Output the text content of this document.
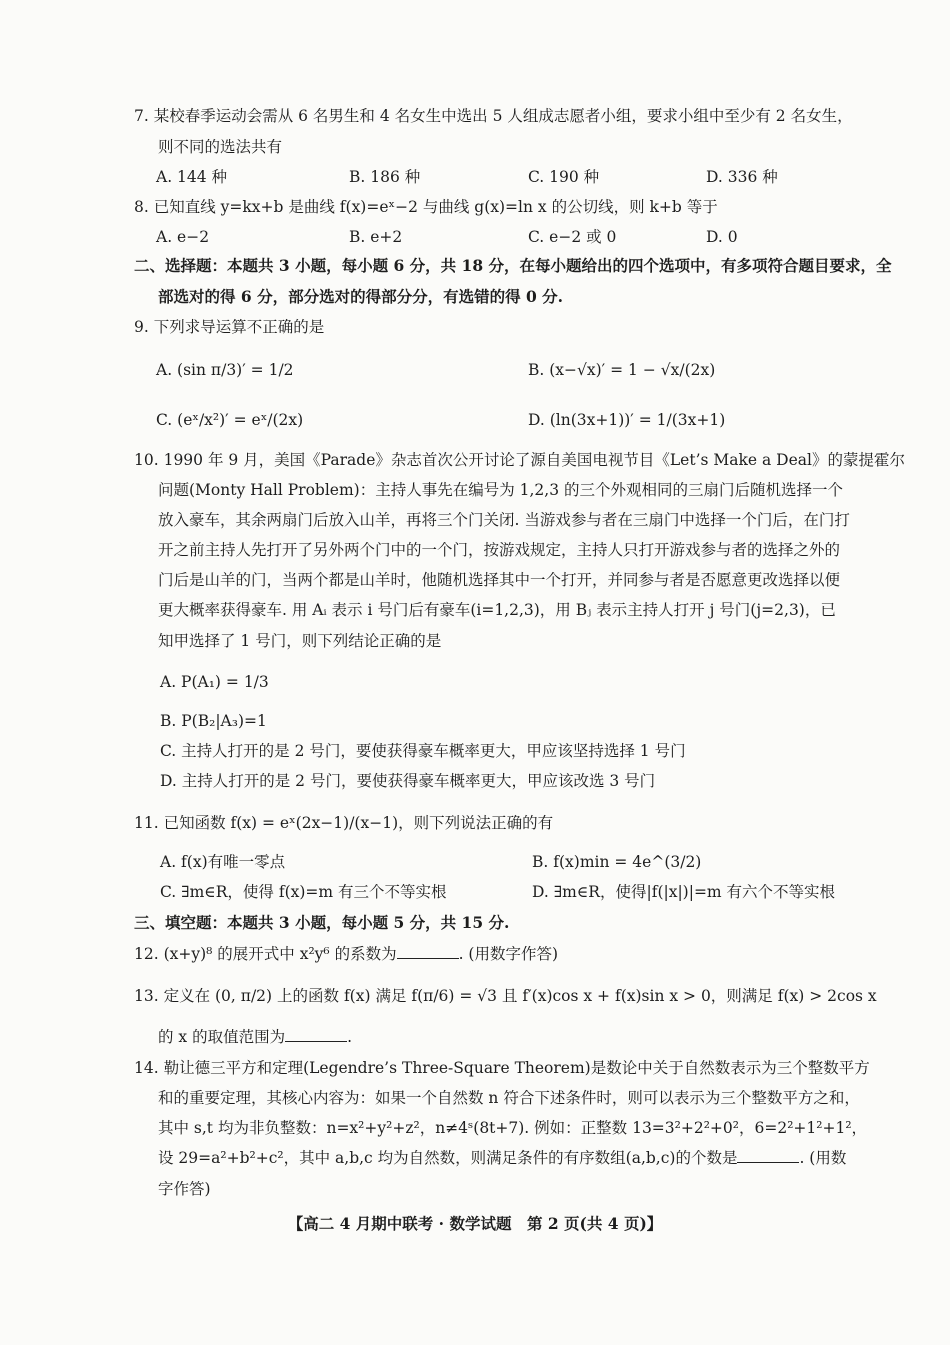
7. 某校春季运动会需从 6 名男生和 4 名女生中选出 5 人组成志愿者小组，要求小组中至少有 2 名女生，
则不同的选法共有
A. 144 种	B. 186 种	C. 190 种	D. 336 种
8. 已知直线 y=kx+b 是曲线 f(x)=eˣ−2 与曲线 g(x)=ln x 的公切线，则 k+b 等于
A. e−2	B. e+2	C. e−2 或 0	D. 0
二、选择题：本题共 3 小题，每小题 6 分，共 18 分，在每小题给出的四个选项中，有多项符合题目要求，全
部选对的得 6 分，部分选对的得部分分，有选错的得 0 分.
9. 下列求导运算不正确的是
A. (sin π/3)′ = 1/2	B. (x−√x)′ = 1 − √x/(2x)
C. (eˣ/x²)′ = eˣ/(2x)	D. (ln(3x+1))′ = 1/(3x+1)
10. 1990 年 9 月，美国《Parade》杂志首次公开讨论了源自美国电视节目《Let’s Make a Deal》的蒙提霍尔
问题(Monty Hall Problem)：主持人事先在编号为 1,2,3 的三个外观相同的三扇门后随机选择一个
放入豪车，其余两扇门后放入山羊，再将三个门关闭. 当游戏参与者在三扇门中选择一个门后，在门打
开之前主持人先打开了另外两个门中的一个门，按游戏规定，主持人只打开游戏参与者的选择之外的
门后是山羊的门，当两个都是山羊时，他随机选择其中一个打开，并同参与者是否愿意更改选择以便
更大概率获得豪车. 用 Aᵢ 表示 i 号门后有豪车(i=1,2,3)，用 Bⱼ 表示主持人打开 j 号门(j=2,3)，已
知甲选择了 1 号门，则下列结论正确的是
A. P(A₁) = 1/3
B. P(B₂|A₃)=1
C. 主持人打开的是 2 号门，要使获得豪车概率更大，甲应该坚持选择 1 号门
D. 主持人打开的是 2 号门，要使获得豪车概率更大，甲应该改选 3 号门
11. 已知函数 f(x) = eˣ(2x−1)/(x−1)，则下列说法正确的有
A. f(x)有唯一零点	B. f(x)min = 4e^(3/2)
C. ∃m∈R，使得 f(x)=m 有三个不等实根	D. ∃m∈R，使得|f(|x|)|=m 有六个不等实根
三、填空题：本题共 3 小题，每小题 5 分，共 15 分.
12. (x+y)⁸ 的展开式中 x²y⁶ 的系数为	. (用数字作答)
13. 定义在 (0, π/2) 上的函数 f(x) 满足 f(π/6) = √3 且 f′(x)cos x + f(x)sin x > 0，则满足 f(x) > 2cos x
的 x 的取值范围为	.
14. 勒让德三平方和定理(Legendre’s Three-Square Theorem)是数论中关于自然数表示为三个整数平方
和的重要定理，其核心内容为：如果一个自然数 n 符合下述条件时，则可以表示为三个整数平方之和，
其中 s,t 均为非负整数：n=x²+y²+z²，n≠4ˢ(8t+7). 例如：正整数 13=3²+2²+0²，6=2²+1²+1²，
设 29=a²+b²+c²，其中 a,b,c 均为自然数，则满足条件的有序数组(a,b,c)的个数是	. (用数
字作答)
【高二 4 月期中联考 · 数学试题　第 2 页(共 4 页)】
